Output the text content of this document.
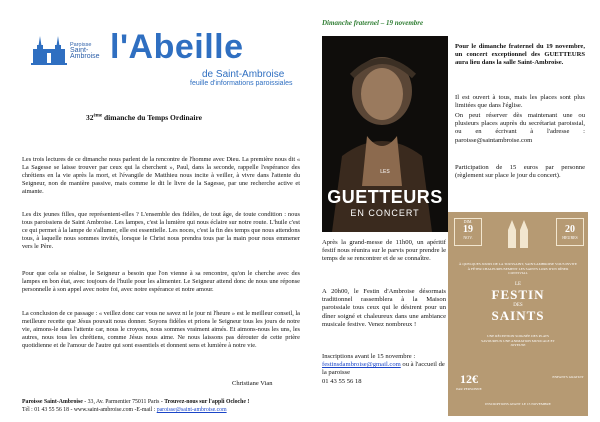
Paroisse
Saint-Ambroise l'Abeille
de Saint-Ambroise
feuille d'informations paroissiales
32ème dimanche du Temps Ordinaire
Les trois lectures de ce dimanche nous parlent de la rencontre de l'homme avec Dieu. La première nous dit « La Sagesse se laisse trouver par ceux qui la cherchent », Paul, dans la seconde, rappelle l'espérance des chrétiens en la vie après la mort, et l'évangile de Matthieu nous incite à veiller, à vivre dans l'attente du Seigneur, non de manière passive, mais comme le dit le livre de la Sagesse, par une recherche active et aimante.
Les dix jeunes filles, que représentent-elles ? L'ensemble des fidèles, de tout âge, de toute condition : nous tous paroissiens de Saint Ambroise. Les lampes, c'est la lumière qui nous éclaire sur notre route. L'huile c'est ce qui permet à la lampe de s'allumer, elle est essentielle. Les noces, c'est la fin des temps que nous attendons tous, à laquelle nous sommes invités, lorsque le Christ nous prendra tous par la main pour nous emmener vers le Père.
Pour que cela se réalise, le Seigneur a besoin que l'on vienne à sa rencontre, qu'on le cherche avec des lampes en bon état, avec toujours de l'huile pour les alimenter. Le Seigneur attend donc de nous une réponse personnelle à son appel avec notre foi, avec notre espérance et notre amour.
La conclusion de ce passage : « veillez donc car vous ne savez ni le jour ni l'heure » est le meilleur conseil, la meilleure recette que Jésus pouvait nous donner. Soyons fidèles et prions le Seigneur tous les jours de notre vie, aimons-le dans l'attente car, nous le croyons, nous sommes vraiment aimés. Et aimons-nous les uns, les autres, nous tous les chrétiens, comme Jésus nous aime. Ne nous laissons pas dérouter de cette prière quotidienne et de l'amour de l'autre qui sont essentiels et donnent sens et lumière à notre vie.
Christiane Vian
Paroisse Saint-Ambroise - 33, Av. Parmentier 75011 Paris - Trouvez-nous sur l'appli Ocloche !
Tél : 01 43 55 56 18 - www.saint-ambroise.com -E-mail : paroisse@saint-ambroise.com
Dimanche fraternel – 19 novembre
$^{LES}$ GUETTEURS
EN CONCERT
Pour le dimanche fraternel du 19 novembre, un concert exceptionnel des GUETTEURS aura lieu dans la salle Saint-Ambroise.
Il est ouvert à tous, mais les places sont plus limitées que dans l'église.
On peut réserver dès maintenant une ou plusieurs places auprès du secrétariat paroissial, ou en écrivant à l'adresse : paroisse@saintambroise.com
Participation de 15 euros par personne (règlement sur place le jour du concert).
Après la grand-messe de 11h00, un apéritif festif nous réunira sur le parvis pour prendre le temps de se rencontrer et de se connaître.
A 20h00, le Festin d'Ambroise désormais traditionnel rassemblera à la Maison paroissiale tous ceux qui le désirent pour un dîner soigné et chaleureux dans une ambiance musicale festive. Venez nombreux !
Inscriptions avant le 15 novembre :
festinsdambroise@gmail.com ou à l'accueil de la paroisse
01 43 55 56 18
DIM.
19
NOV.
20
HEURES
À QUELQUES JOURS DE LA TOUSSAINT, SAINT-AMBROISE VOUS INVITE À FÊTER CHALEUREUSEMENT LES SAINTS LORS D'UN DÎNER CONVIVIAL
LE
FESTIN
DES
SAINTS
UNE RÉCEPTION SOIGNÉE DES PLATS SAVOUREUX UNE ANIMATION MUSICALE ET JOYEUSE
12€
PAR PERSONNE
ENFANTS GRATUIT
INSCRIPTIONS AVANT LE 15 NOVEMBRE
